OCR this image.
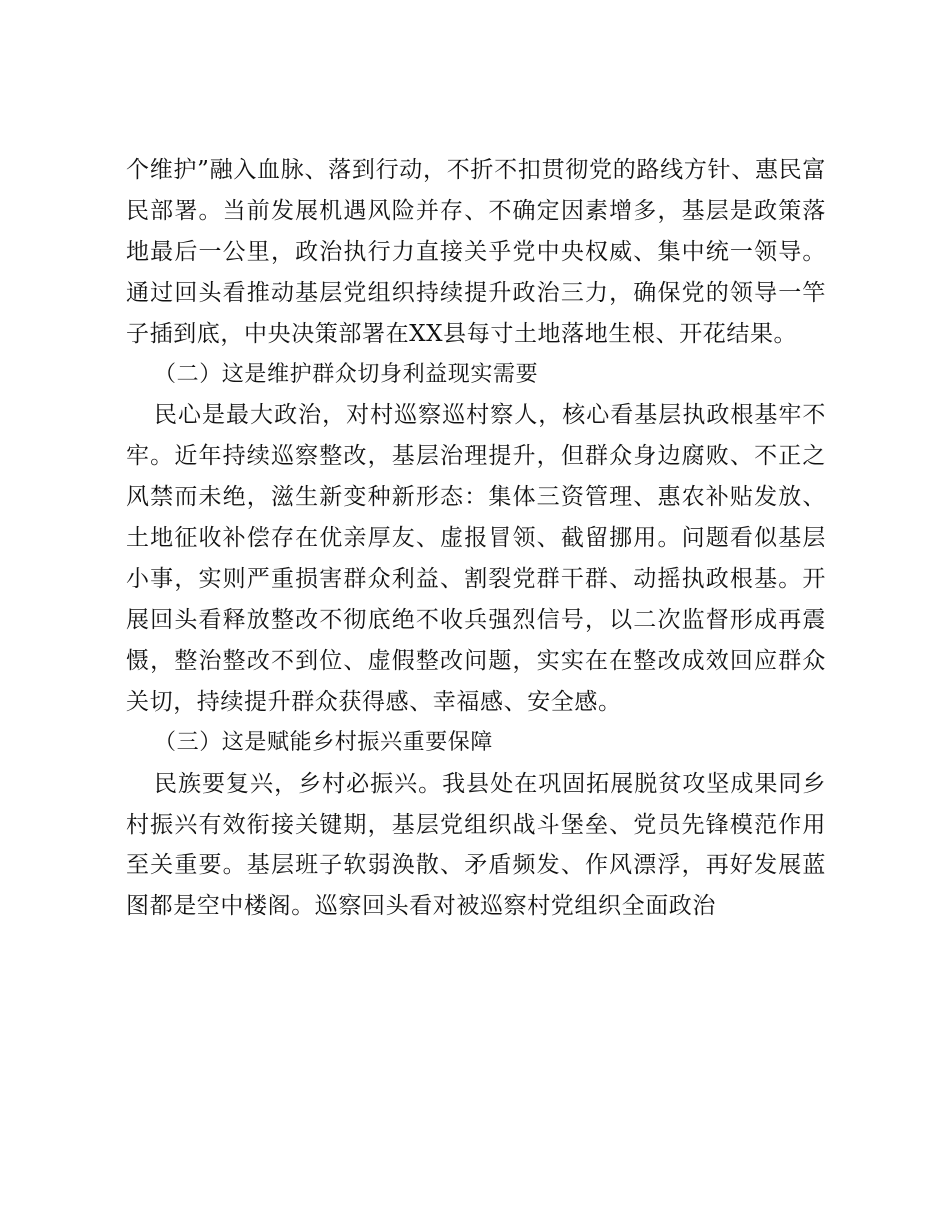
个维护”融入血脉、落到行动，不折不扣贯彻党的路线方针、惠民富民部署。当前发展机遇风险并存、不确定因素增多，基层是政策落地最后一公里，政治执行力直接关乎党中央权威、集中统一领导。通过回头看推动基层党组织持续提升政治三力，确保党的领导一竿子插到底，中央决策部署在XX县每寸土地落地生根、开花结果。

（二）这是维护群众切身利益现实需要

民心是最大政治，对村巡察巡村察人，核心看基层执政根基牢不牢。近年持续巡察整改，基层治理提升，但群众身边腐败、不正之风禁而未绝，滋生新变种新形态：集体三资管理、惠农补贴发放、土地征收补偿存在优亲厚友、虚报冒领、截留挪用。问题看似基层小事，实则严重损害群众利益、割裂党群干群、动摇执政根基。开展回头看释放整改不彻底绝不收兵强烈信号，以二次监督形成再震慑，整治整改不到位、虚假整改问题，实实在在整改成效回应群众关切，持续提升群众获得感、幸福感、安全感。

（三）这是赋能乡村振兴重要保障

民族要复兴，乡村必振兴。我县处在巩固拓展脱贫攻坚成果同乡村振兴有效衔接关键期，基层党组织战斗堡垒、党员先锋模范作用至关重要。基层班子软弱涣散、矛盾频发、作风漂浮，再好发展蓝图都是空中楼阁。巡察回头看对被巡察村党组织全面政治
